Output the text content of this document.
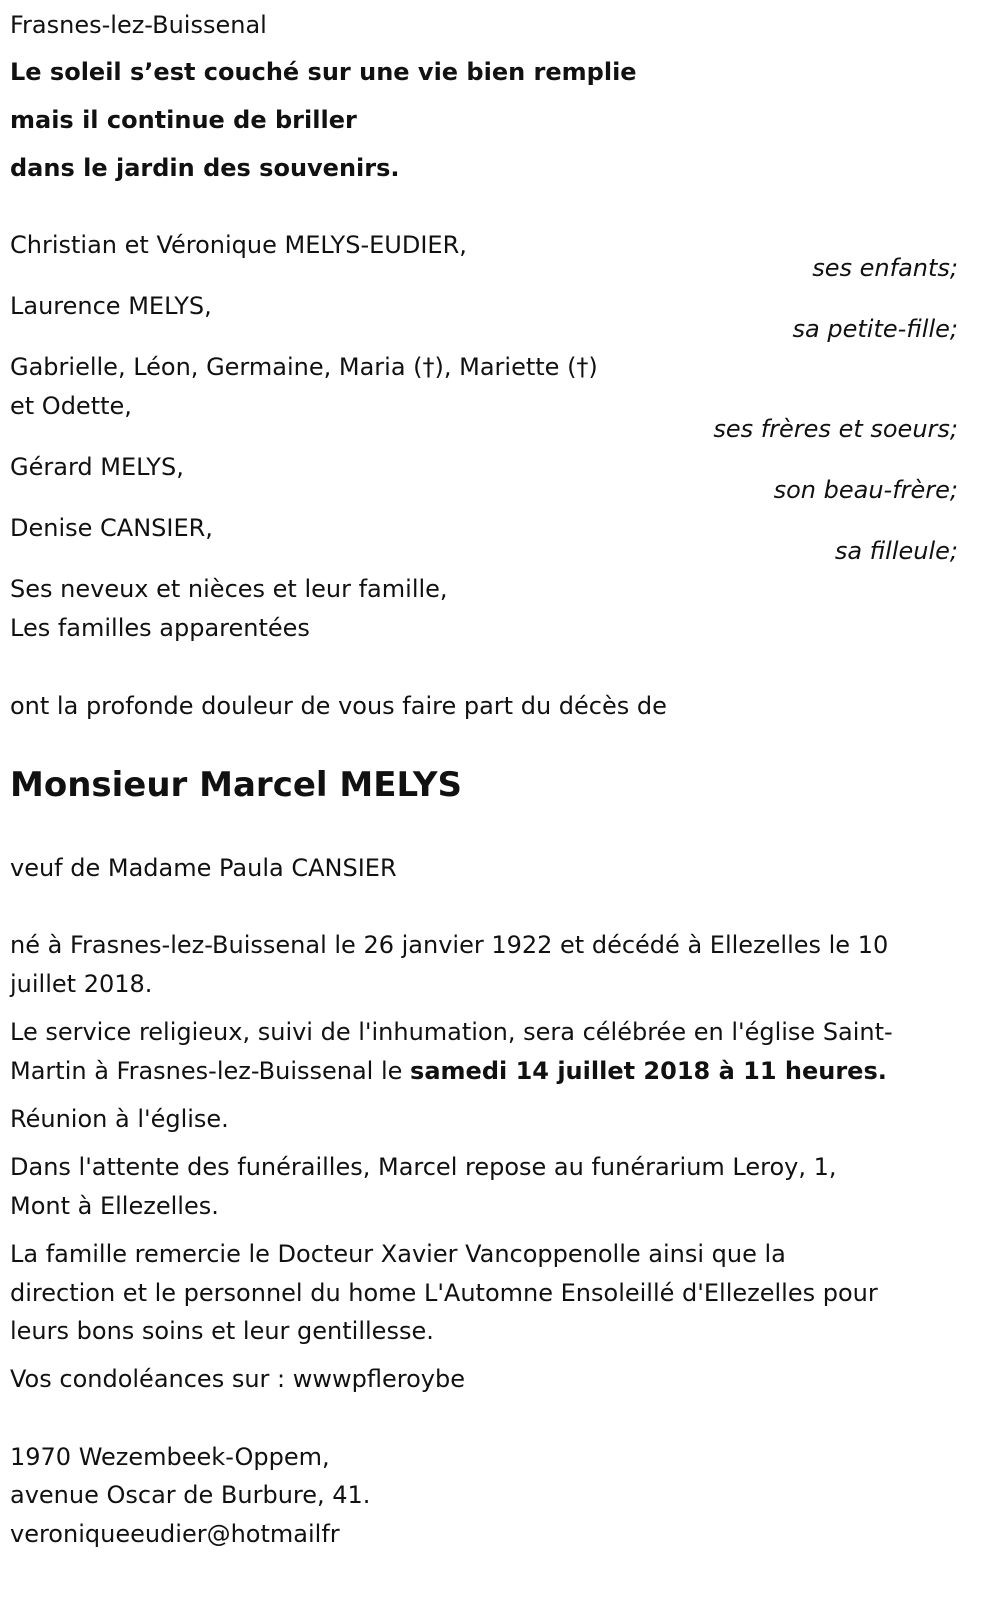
Frasnes-lez-Buissenal
Le soleil s’est couché sur une vie bien remplie
mais il continue de briller
dans le jardin des souvenirs.
Christian et Véronique MELYS-EUDIER,
ses enfants;
Laurence MELYS,
sa petite-fille;
Gabrielle, Léon, Germaine, Maria (†), Mariette (†)
et Odette,
ses frères et soeurs;
Gérard MELYS,
son beau-frère;
Denise CANSIER,
sa filleule;
Ses neveux et nièces et leur famille,
Les familles apparentées
ont la profonde douleur de vous faire part du décès de
Monsieur Marcel MELYS
veuf de Madame Paula CANSIER
né à Frasnes-lez-Buissenal le 26 janvier 1922 et décédé à Ellezelles le 10
juillet 2018.
Le service religieux, suivi de l'inhumation, sera célébrée en l'église Saint-
Martin à Frasnes-lez-Buissenal le samedi 14 juillet 2018 à 11 heures.
Réunion à l'église.
Dans l'attente des funérailles, Marcel repose au funérarium Leroy, 1,
Mont à Ellezelles.
La famille remercie le Docteur Xavier Vancoppenolle ainsi que la
direction et le personnel du home L'Automne Ensoleillé d'Ellezelles pour
leurs bons soins et leur gentillesse.
Vos condoléances sur : wwwpfleroybe
1970 Wezembeek-Oppem,
avenue Oscar de Burbure, 41.
veroniqueeudier@hotmailfr
